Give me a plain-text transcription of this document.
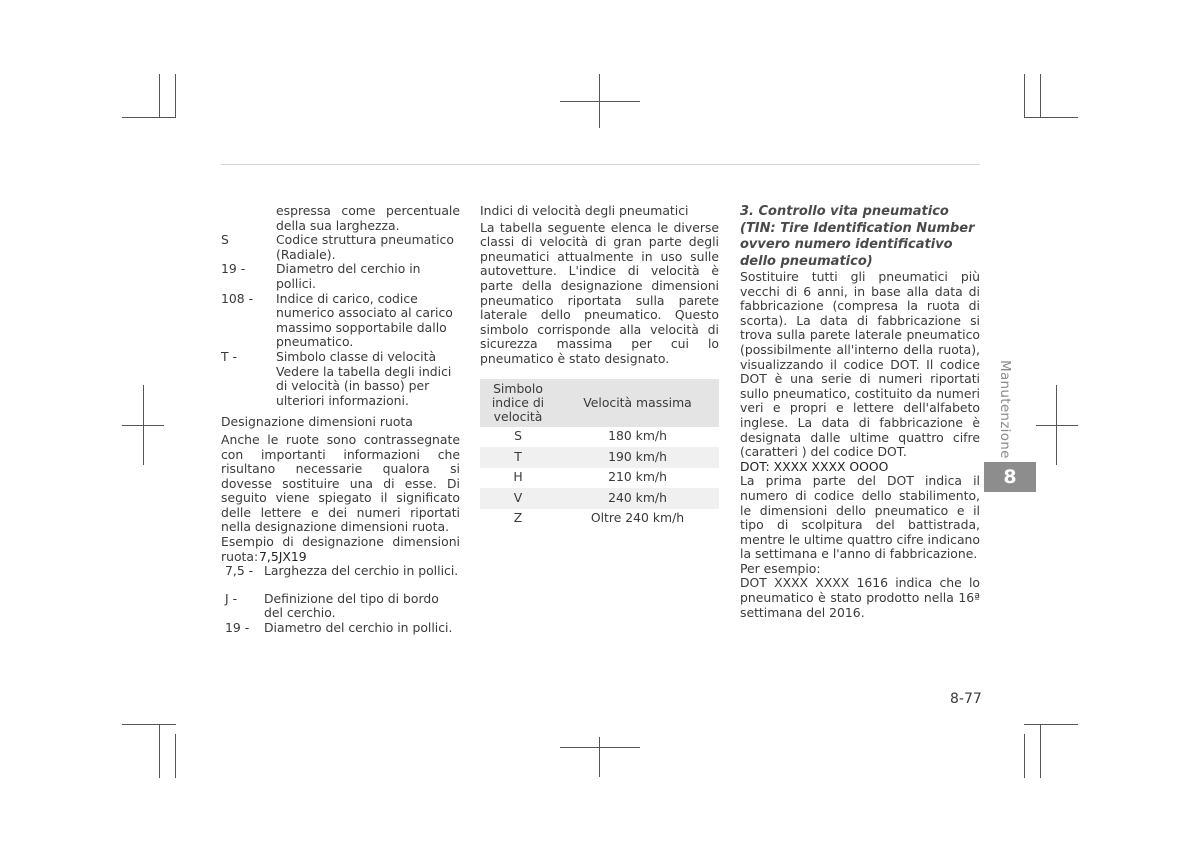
espressa come percentuale della sua larghezza.
S	Codice struttura pneumatico (Radiale).
19 -	Diametro del cerchio in pollici.
108 -	Indice di carico, codice numerico associato al carico massimo sopportabile dallo pneumatico.
T -	Simbolo classe di velocità Vedere la tabella degli indici di velocità (in basso) per ulteriori informazioni.
Designazione dimensioni ruota
Anche le ruote sono contrassegnate con importanti informazioni che risultano necessarie qualora si dovesse sostituire una di esse. Di seguito viene spiegato il significato delle lettere e dei numeri riportati nella designazione dimensioni ruota.
Esempio di designazione dimensioni ruota: 7,5JX19
7,5 - Larghezza del cerchio in pollici.
J -	Definizione del tipo di bordo del cerchio.
19 -	Diametro del cerchio in pollici.
Indici di velocità degli pneumatici
La tabella seguente elenca le diverse classi di velocità di gran parte degli pneumatici attualmente in uso sulle autovetture. L'indice di velocità è parte della designazione dimensioni pneumatico riportata sulla parete laterale dello pneumatico. Questo simbolo corrisponde alla velocità di sicurezza massima per cui lo pneumatico è stato designato.
Simbolo indice di velocità	Velocità massima
S	180 km/h
T	190 km/h
H	210 km/h
V	240 km/h
Z	Oltre 240 km/h
3. Controllo vita pneumatico (TIN: Tire Identification Number ovvero numero identificativo dello pneumatico)
Sostituire tutti gli pneumatici più vecchi di 6 anni, in base alla data di fabbricazione (compresa la ruota di scorta). La data di fabbricazione si trova sulla parete laterale pneumatico (possibilmente all'interno della ruota), visualizzando il codice DOT. Il codice DOT è una serie di numeri riportati sullo pneumatico, costituito da numeri veri e propri e lettere dell'alfabeto inglese. La data di fabbricazione è designata dalle ultime quattro cifre (caratteri ) del codice DOT.
DOT: XXXX XXXX OOOO
La prima parte del DOT indica il numero di codice dello stabilimento, le dimensioni dello pneumatico e il tipo di scolpitura del battistrada, mentre le ultime quattro cifre indicano la settimana e l'anno di fabbricazione.
Per esempio:
DOT XXXX XXXX 1616 indica che lo pneumatico è stato prodotto nella 16ª settimana del 2016.
Manutenzione
8
8-77
